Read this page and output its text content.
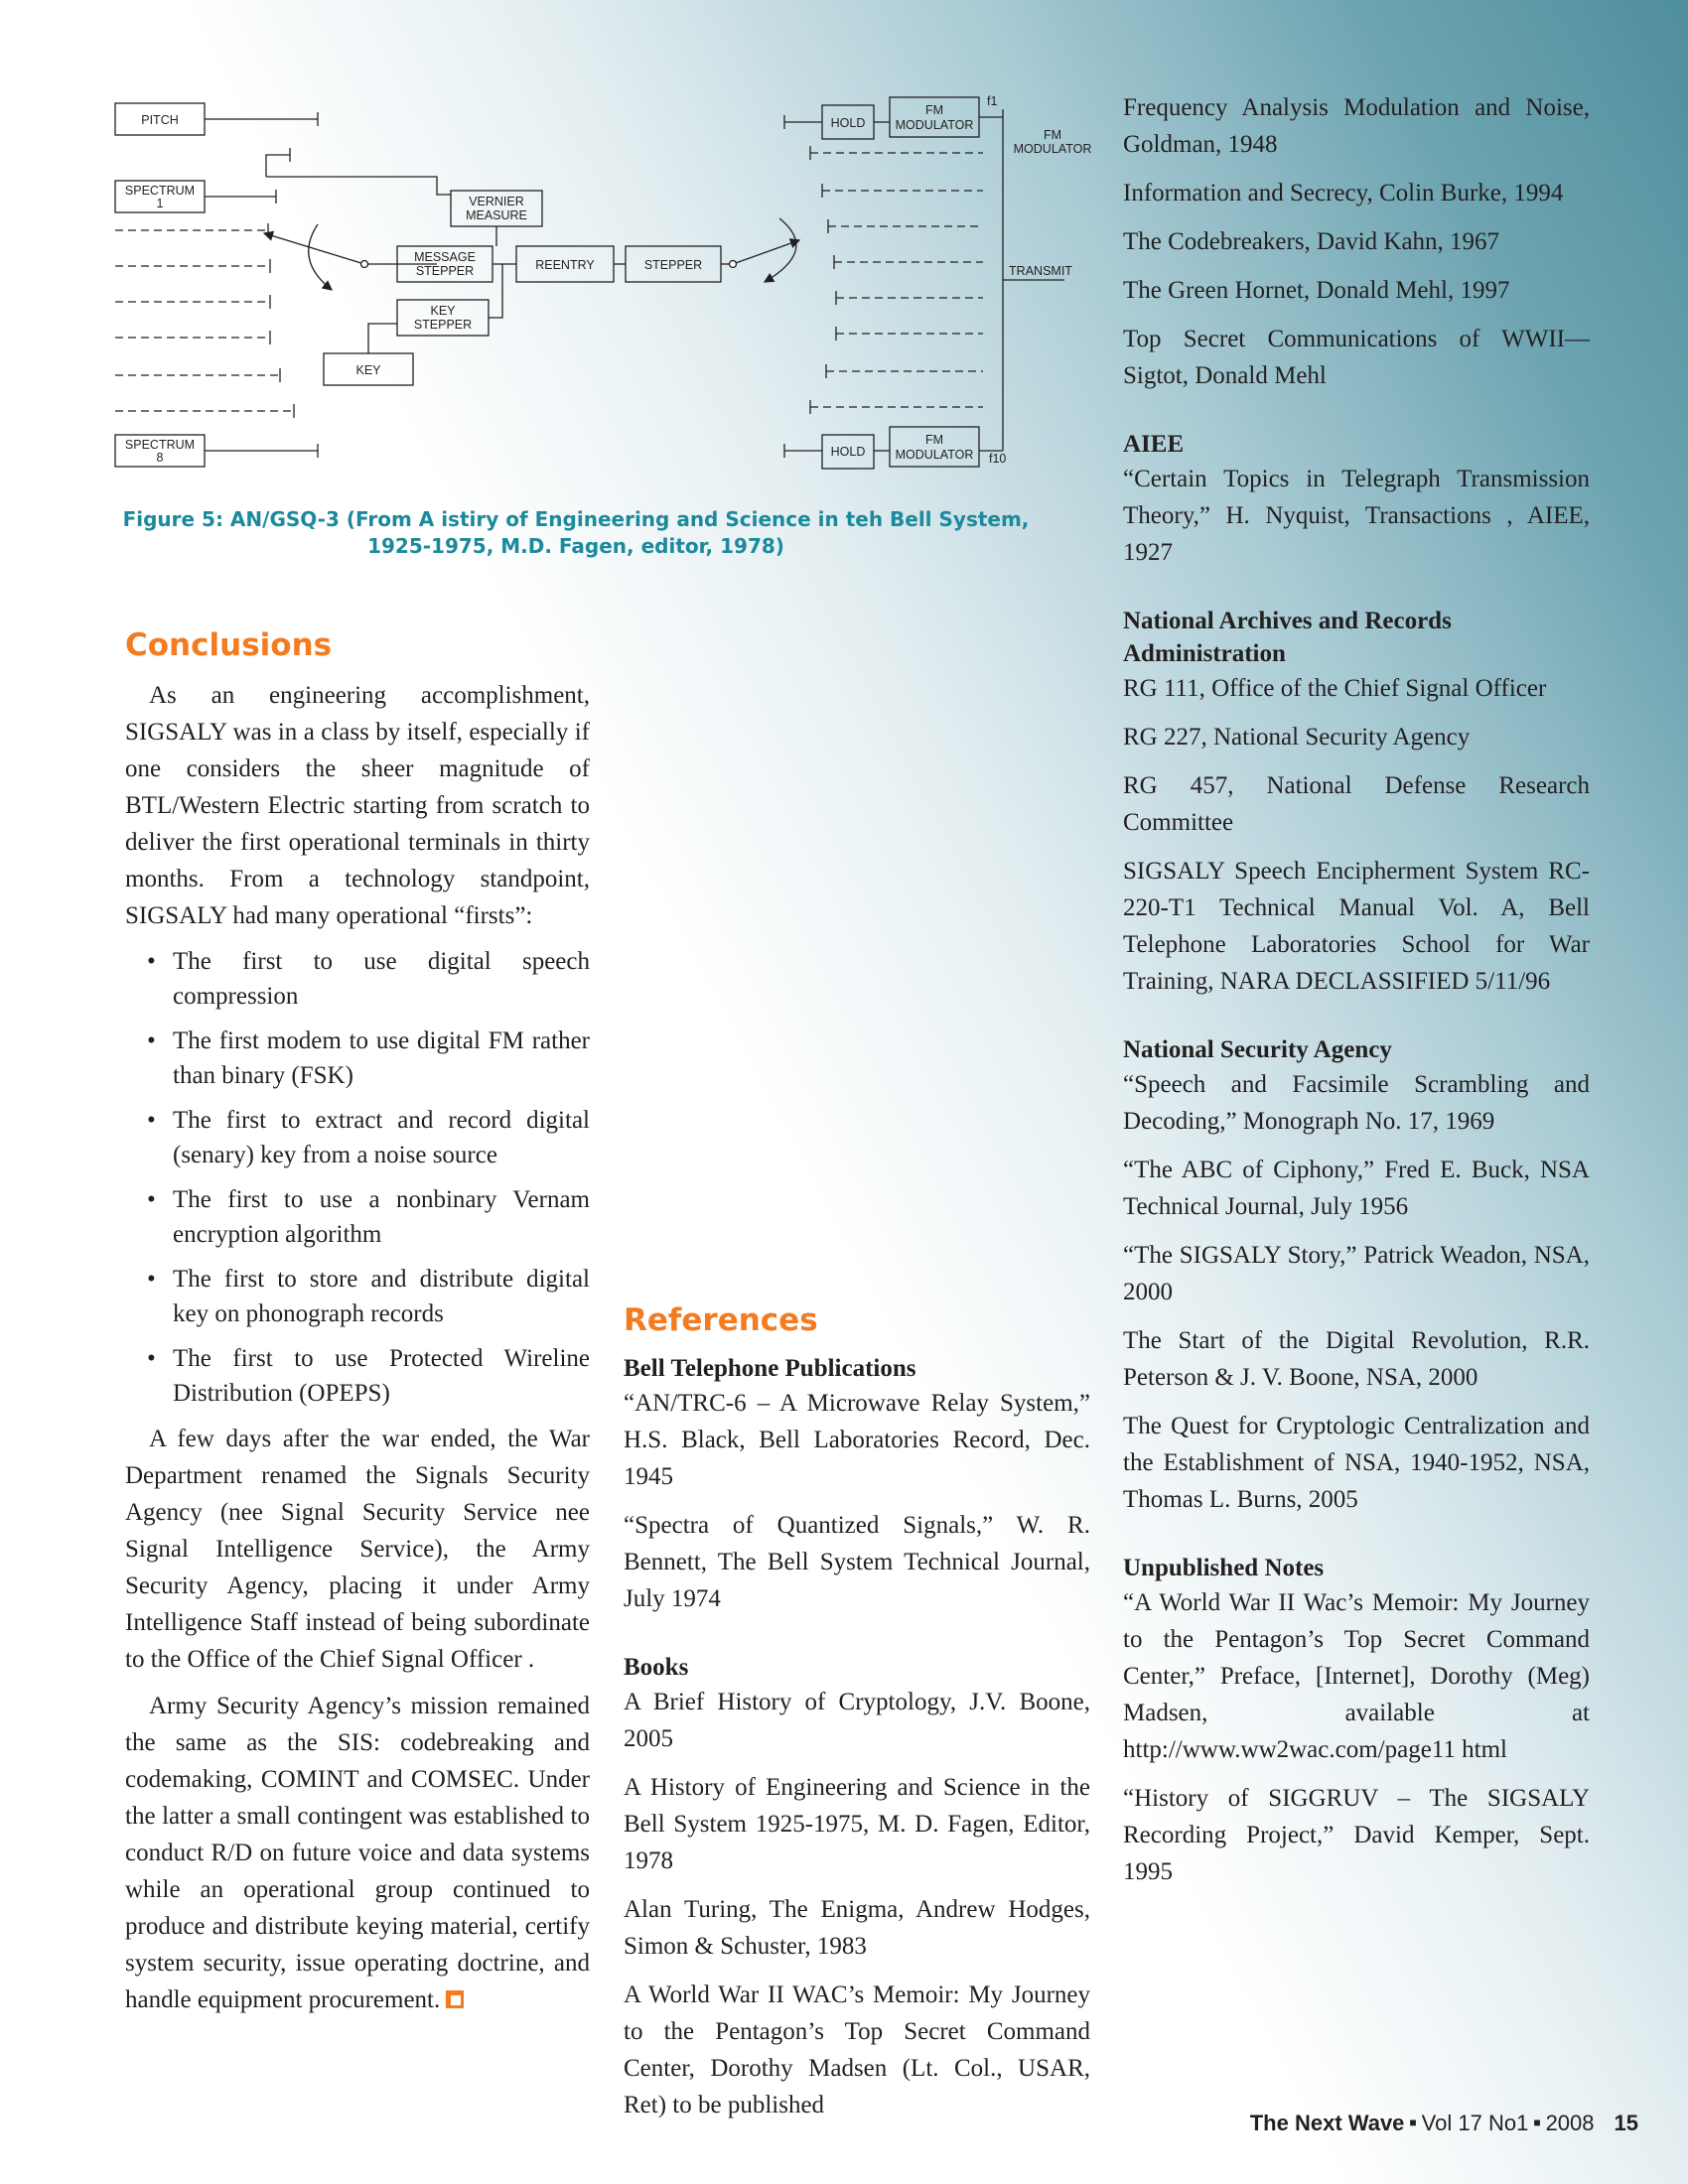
PITCH
SPECTRUM
1
SPECTRUM
8
VERNIER
MEASURE
MESSAGE
STEPPER
KEY
STEPPER
KEY
REENTRY	STEPPER
HOLD
FM
MODULATOR
f1
FM
MODULATOR
TRANSMIT
HOLD
FM
MODULATOR f10
Figure 5: AN/GSQ-3 (From A istiry of Engineering and Science in teh Bell System,
1925-1975, M.D. Fagen, editor, 1978)
Conclusions

As an engineering accomplishment, SIGSALY was in a class by itself, especially if one considers the sheer magnitude of BTL/Western Electric starting from scratch to deliver the first operational terminals in thirty months. From a technology standpoint, SIGSALY had many operational “firsts”:

• The first to use digital speech compression
• The first modem to use digital FM rather than binary (FSK)
• The first to extract and record digital (senary) key from a noise source
• The first to use a nonbinary Vernam encryption algorithm
• The first to store and distribute digital key on phonograph records
• The first to use Protected Wireline Distribution (OPEPS)

A few days after the war ended, the War Department renamed the Signals Security Agency (nee Signal Security Service nee Signal Intelligence Service), the Army Security Agency, placing it under Army Intelligence Staff instead of being subordinate to the Office of the Chief Signal Officer .

Army Security Agency’s mission remained the same as the SIS: codebreaking and codemaking, COMINT and COMSEC. Under the latter a small contingent was established to conduct R/D on future voice and data systems while an operational group continued to produce and distribute keying material, certify system security, issue operating doctrine, and handle equipment procurement.

References
Bell Telephone Publications

“AN/TRC-6 – A Microwave Relay System,” H.S. Black, Bell Laboratories Record, Dec. 1945

“Spectra of Quantized Signals,” W. R. Bennett, The Bell System Technical Journal, July 1974

Books

A Brief History of Cryptology, J.V. Boone, 2005

A History of Engineering and Science in the Bell System 1925-1975, M. D. Fagen, Editor, 1978

Alan Turing, The Enigma, Andrew Hodges, Simon & Schuster, 1983

A World War II WAC’s Memoir: My Journey to the Pentagon’s Top Secret Command Center, Dorothy Madsen (Lt. Col., USAR, Ret) to be published

Frequency Analysis Modulation and Noise, Goldman, 1948

Information and Secrecy, Colin Burke, 1994

The Codebreakers, David Kahn, 1967

The Green Hornet, Donald Mehl, 1997

Top Secret Communications of WWII—Sigtot, Donald Mehl

AIEE

“Certain Topics in Telegraph Transmission Theory,” H. Nyquist, Transactions , AIEE, 1927

National Archives and Records Administration

RG 111, Office of the Chief Signal Officer

RG 227, National Security Agency

RG 457, National Defense Research Committee

SIGSALY Speech Encipherment System RC-220-T1 Technical Manual Vol. A, Bell Telephone Laboratories School for War Training, NARA DECLASSIFIED 5/11/96

National Security Agency

“Speech and Facsimile Scrambling and Decoding,” Monograph No. 17, 1969

“The ABC of Ciphony,” Fred E. Buck, NSA Technical Journal, July 1956

“The SIGSALY Story,” Patrick Weadon, NSA, 2000

The Start of the Digital Revolution, R.R. Peterson & J. V. Boone, NSA, 2000

The Quest for Cryptologic Centralization and the Establishment of NSA, 1940-1952, NSA, Thomas L. Burns, 2005

Unpublished Notes

“A World War II Wac’s Memoir: My Journey to the Pentagon’s Top Secret Command Center,” Preface, [Internet], Dorothy (Meg) Madsen, available at http://www.ww2wac.com/page11 html

“History of SIGGRUV – The SIGSALY Recording Project,” David Kemper, Sept. 1995

The Next Wave ■ Vol 17 No1 ■ 2008 15
